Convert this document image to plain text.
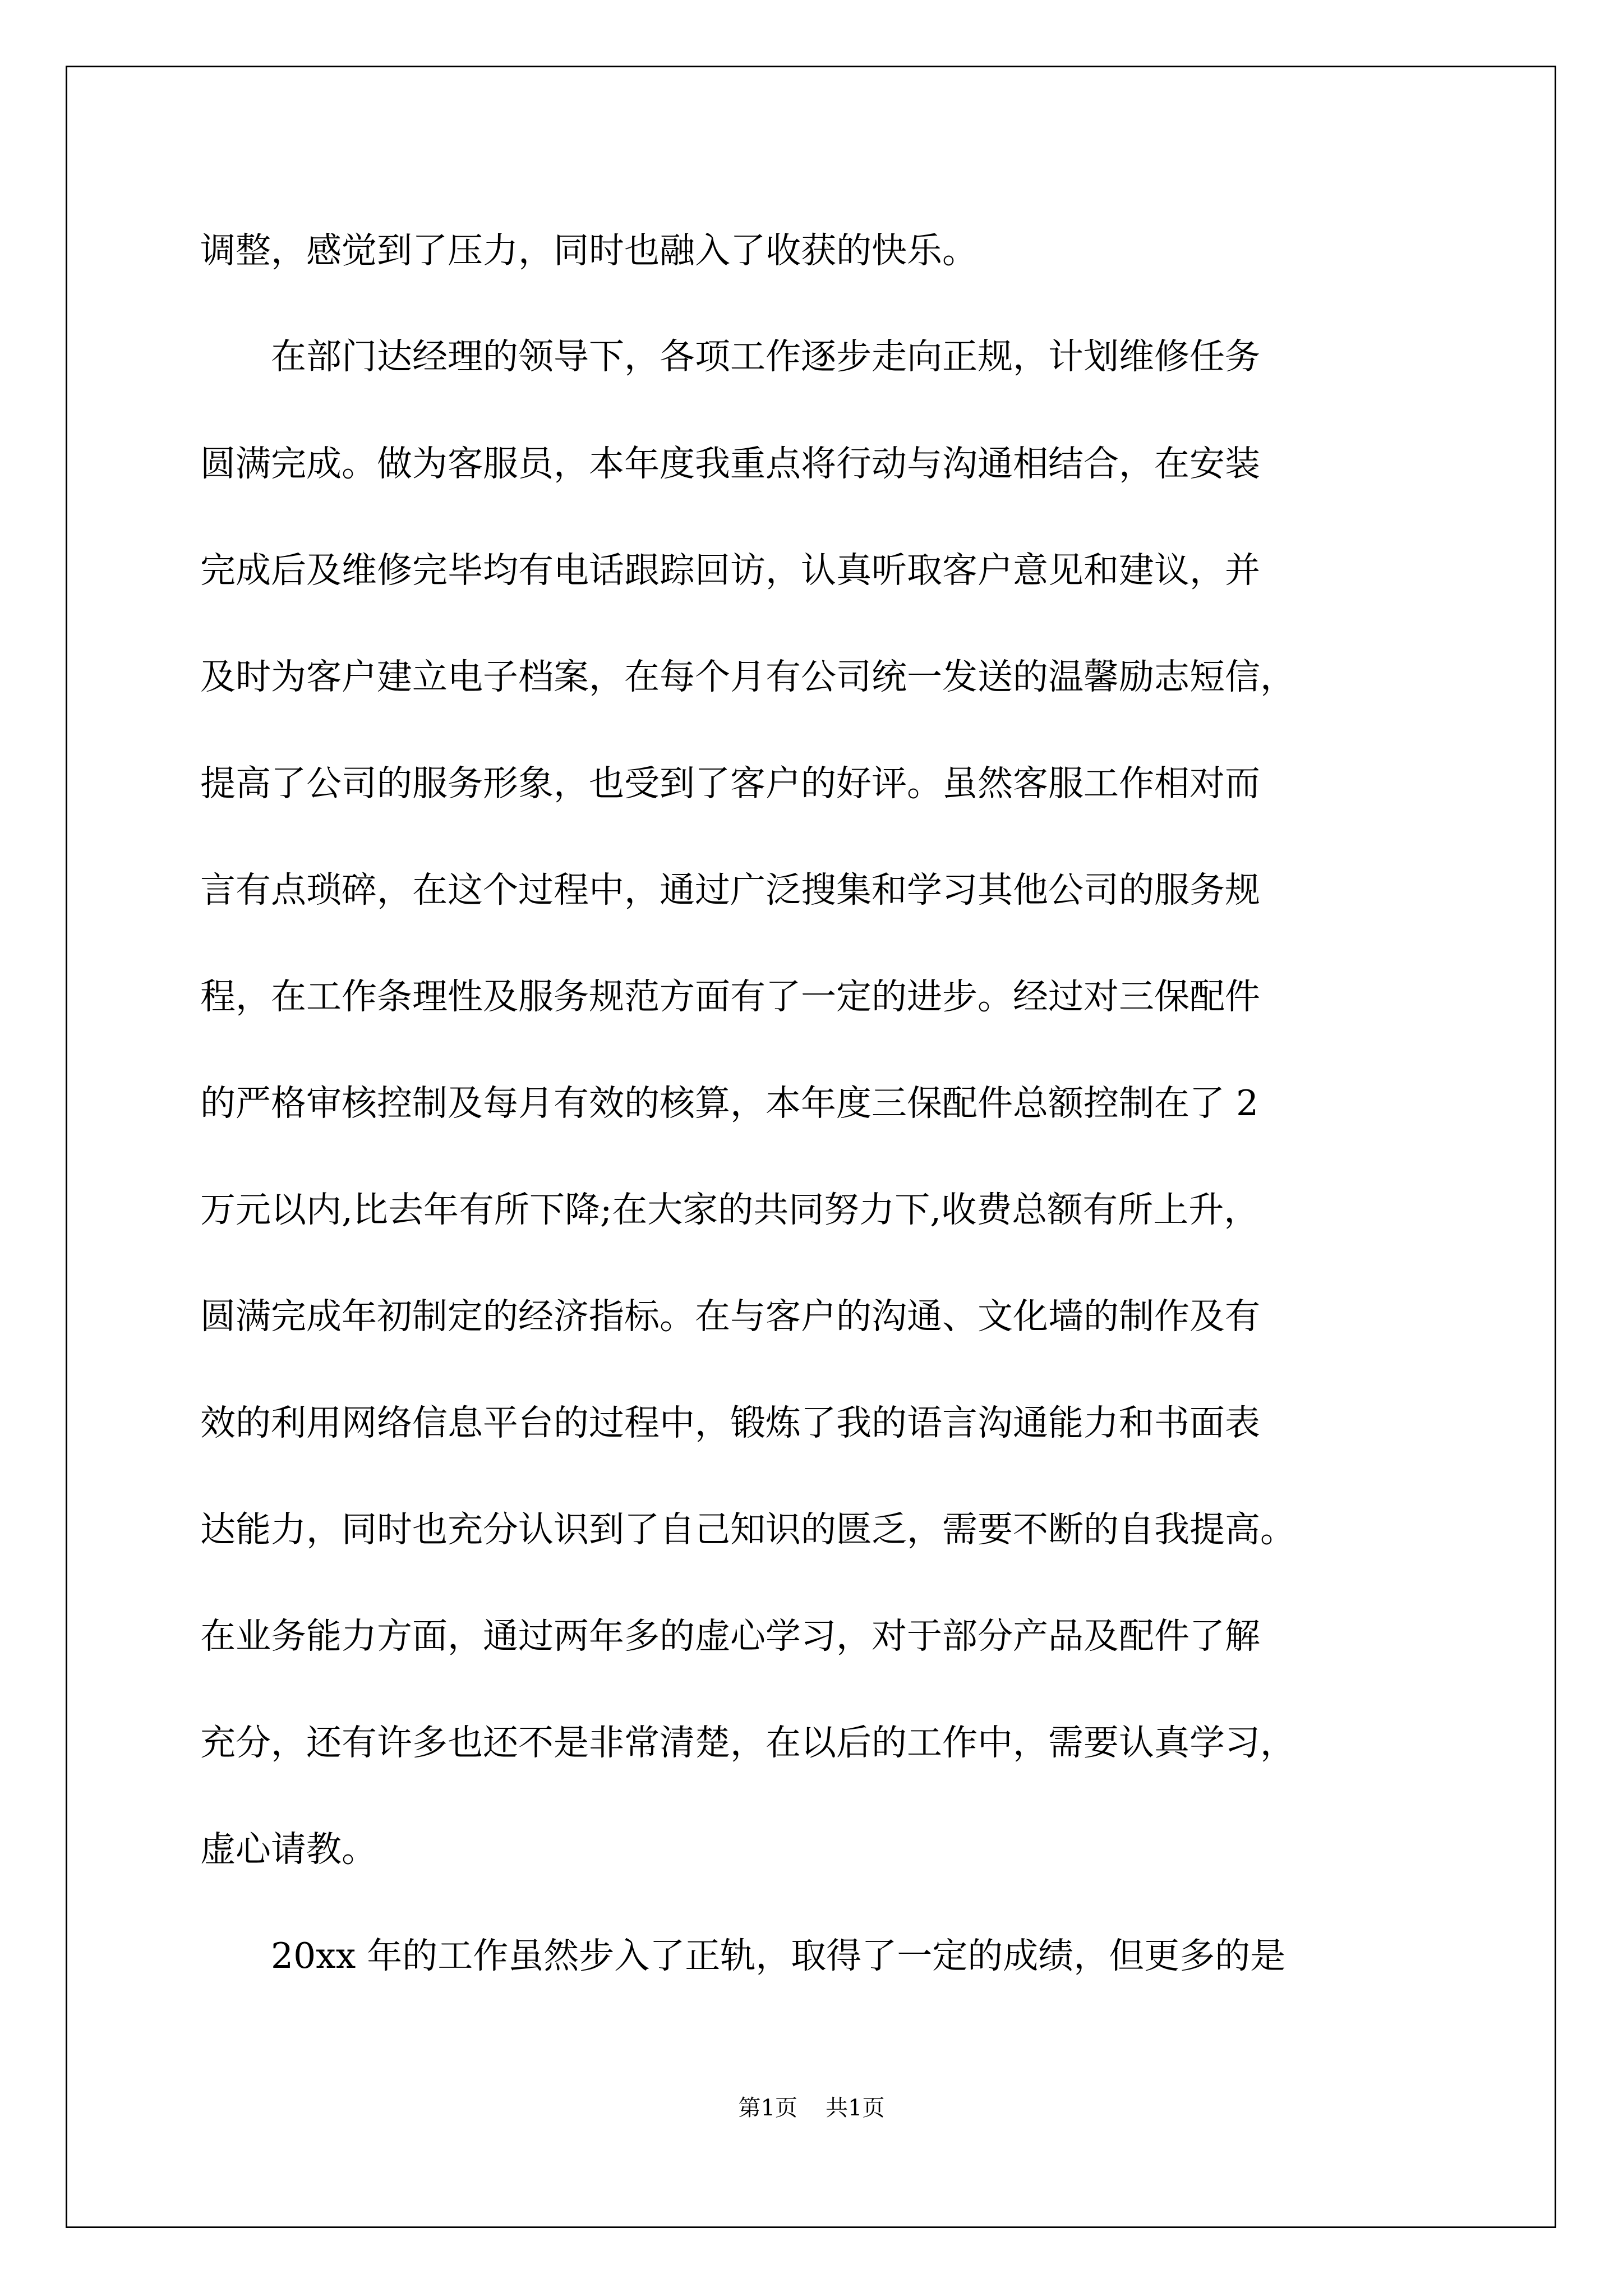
调整，感觉到了压力，同时也融入了收获的快乐。
在部门达经理的领导下，各项工作逐步走向正规，计划维修任务
圆满完成。做为客服员，本年度我重点将行动与沟通相结合，在安装
完成后及维修完毕均有电话跟踪回访，认真听取客户意见和建议，并
及时为客户建立电子档案，在每个月有公司统一发送的温馨励志短信，
提高了公司的服务形象，也受到了客户的好评。虽然客服工作相对而
言有点琐碎，在这个过程中，通过广泛搜集和学习其他公司的服务规
程，在工作条理性及服务规范方面有了一定的进步。经过对三保配件
的严格审核控制及每月有效的核算，本年度三保配件总额控制在了 2
万元以内,比去年有所下降;在大家的共同努力下,收费总额有所上升，
圆满完成年初制定的经济指标。在与客户的沟通、文化墙的制作及有
效的利用网络信息平台的过程中，锻炼了我的语言沟通能力和书面表
达能力，同时也充分认识到了自己知识的匮乏，需要不断的自我提高。
在业务能力方面，通过两年多的虚心学习，对于部分产品及配件了解
充分，还有许多也还不是非常清楚，在以后的工作中，需要认真学习，
虚心请教。
20xx 年的工作虽然步入了正轨，取得了一定的成绩，但更多的是
第1页 共1页
